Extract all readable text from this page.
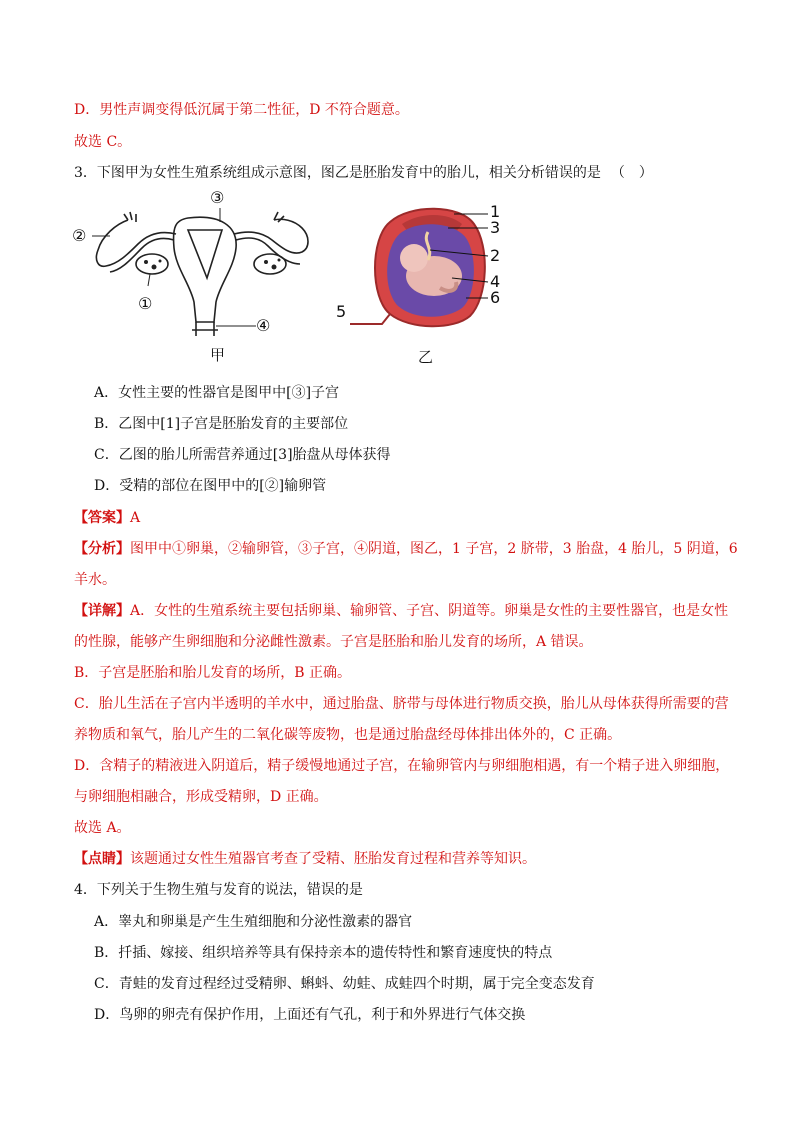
D．男性声调变得低沉属于第二性征，D 不符合题意。
故选 C。
3．下图甲为女性生殖系统组成示意图，图乙是胚胎发育中的胎儿，相关分析错误的是 （　）
③
②
①
④
甲
1
3
2
4
6
5
乙
A．女性主要的性器官是图甲中[③]子宫
B．乙图中[1]子宫是胚胎发育的主要部位
C．乙图的胎儿所需营养通过[3]胎盘从母体获得
D．受精的部位在图甲中的[②]输卵管
【答案】A
【分析】图甲中①卵巢，②输卵管，③子宫，④阴道，图乙，1 子宫，2 脐带，3 胎盘，4 胎儿，5 阴道，6
羊水。
【详解】A．女性的生殖系统主要包括卵巢、输卵管、子宫、阴道等。卵巢是女性的主要性器官，也是女性
的性腺，能够产生卵细胞和分泌雌性激素。子宫是胚胎和胎儿发育的场所，A 错误。
B．子宫是胚胎和胎儿发育的场所，B 正确。
C．胎儿生活在子宫内半透明的羊水中，通过胎盘、脐带与母体进行物质交换，胎儿从母体获得所需要的营
养物质和氧气，胎儿产生的二氧化碳等废物，也是通过胎盘经母体排出体外的，C 正确。
D．含精子的精液进入阴道后，精子缓慢地通过子宫，在输卵管内与卵细胞相遇，有一个精子进入卵细胞，
与卵细胞相融合，形成受精卵，D 正确。
故选 A。
【点睛】该题通过女性生殖器官考查了受精、胚胎发育过程和营养等知识。
4．下列关于生物生殖与发育的说法，错误的是
A．睾丸和卵巢是产生生殖细胞和分泌性激素的器官
B．扦插、嫁接、组织培养等具有保持亲本的遗传特性和繁育速度快的特点
C．青蛙的发育过程经过受精卵、蝌蚪、幼蛙、成蛙四个时期，属于完全变态发育
D．鸟卵的卵壳有保护作用，上面还有气孔，利于和外界进行气体交换
